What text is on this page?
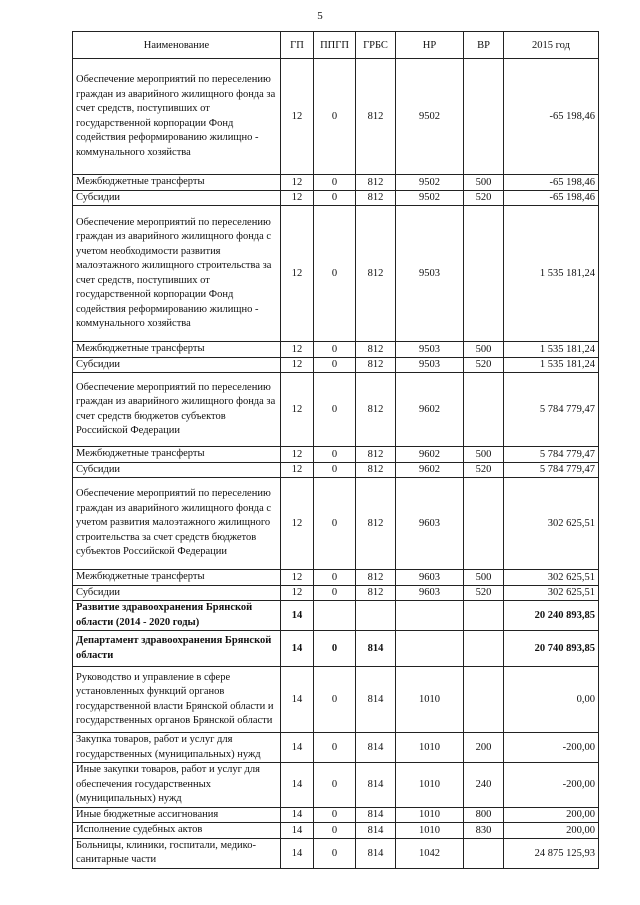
5
Наименование	ГП	ППГП	ГРБС	НР	ВР	2015 год
Обеспечение мероприятий по переселению граждан из аварийного жилищного фонда за счет средств, поступивших от государственной корпорации Фонд содействия реформированию жилищно - коммунального хозяйства	12	0	812	9502		-65 198,46
Межбюджетные трансферты	12	0	812	9502	500	-65 198,46
Субсидии	12	0	812	9502	520	-65 198,46
Обеспечение мероприятий по переселению граждан из аварийного жилищного фонда с учетом необходимости развития малоэтажного жилищного строительства за счет средств, поступивших от государственной корпорации Фонд содействия реформированию жилищно - коммунального хозяйства	12	0	812	9503		1 535 181,24
Межбюджетные трансферты	12	0	812	9503	500	1 535 181,24
Субсидии	12	0	812	9503	520	1 535 181,24
Обеспечение мероприятий по переселению граждан из аварийного жилищного фонда за счет средств бюджетов субъектов Российской Федерации	12	0	812	9602		5 784 779,47
Межбюджетные трансферты	12	0	812	9602	500	5 784 779,47
Субсидии	12	0	812	9602	520	5 784 779,47
Обеспечение мероприятий по переселению граждан из аварийного жилищного фонда с учетом развития малоэтажного жилищного строительства за счет средств бюджетов субъектов Российской Федерации	12	0	812	9603		302 625,51
Межбюджетные трансферты	12	0	812	9603	500	302 625,51
Субсидии	12	0	812	9603	520	302 625,51
Развитие здравоохранения Брянской области (2014 - 2020 годы)	14					20 240 893,85
Департамент здравоохранения Брянской области	14	0	814			20 740 893,85
Руководство и управление в сфере установленных функций органов государственной власти Брянской области и государственных органов Брянской области	14	0	814	1010		0,00
Закупка товаров, работ и услуг для государственных (муниципальных) нужд	14	0	814	1010	200	-200,00
Иные закупки товаров, работ и услуг для обеспечения государственных (муниципальных) нужд	14	0	814	1010	240	-200,00
Иные бюджетные ассигнования	14	0	814	1010	800	200,00
Исполнение судебных актов	14	0	814	1010	830	200,00
Больницы, клиники, госпитали, медико-санитарные части	14	0	814	1042		24 875 125,93
